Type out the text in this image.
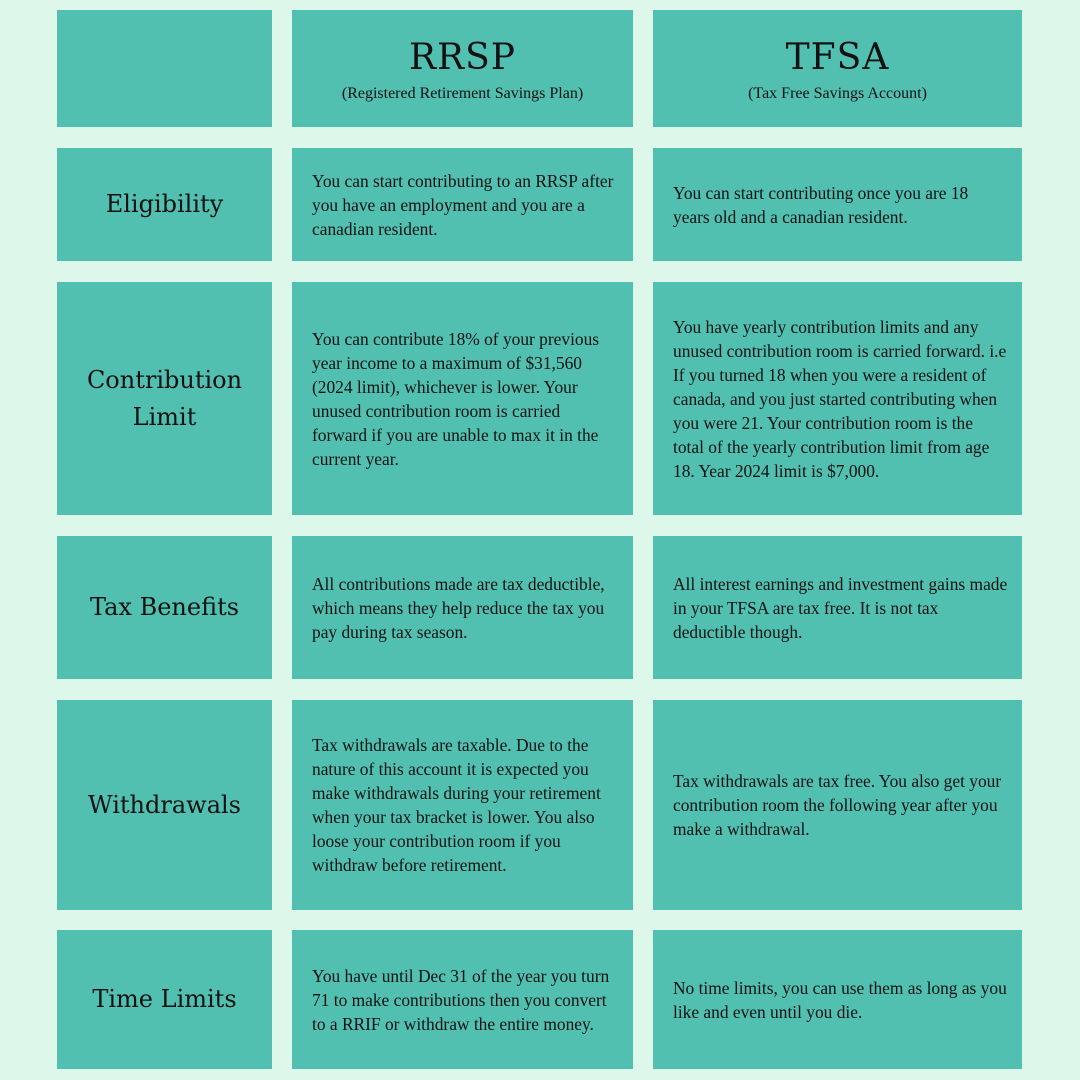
RRSP
(Registered Retirement Savings Plan)
TFSA
(Tax Free Savings Account)
Eligibility
You can start contributing to an RRSP after you have an employment and you are a canadian resident.
You can start contributing once you are 18 years old and a canadian resident.
Contribution Limit
You can contribute 18% of your previous year income to a maximum of $31,560 (2024 limit), whichever is lower. Your unused contribution room is carried forward if you are unable to max it in the current year.
You have yearly contribution limits and any unused contribution room is carried forward. i.e If you turned 18 when you were a resident of canada, and you just started contributing when you were 21. Your contribution room is the total of the yearly contribution limit from age 18. Year 2024 limit is $7,000.
Tax Benefits
All contributions made are tax deductible, which means they help reduce the tax you pay during tax season.
All interest earnings and investment gains made in your TFSA are tax free. It is not tax deductible though.
Withdrawals
Tax withdrawals are taxable. Due to the nature of this account it is expected you make withdrawals during your retirement when your tax bracket is lower. You also loose your contribution room if you withdraw before retirement.
Tax withdrawals are tax free. You also get your contribution room the following year after you make a withdrawal.
Time Limits
You have until Dec 31 of the year you turn 71 to make contributions then you convert to a RRIF or withdraw the entire money.
No time limits, you can use them as long as you like and even until you die.
